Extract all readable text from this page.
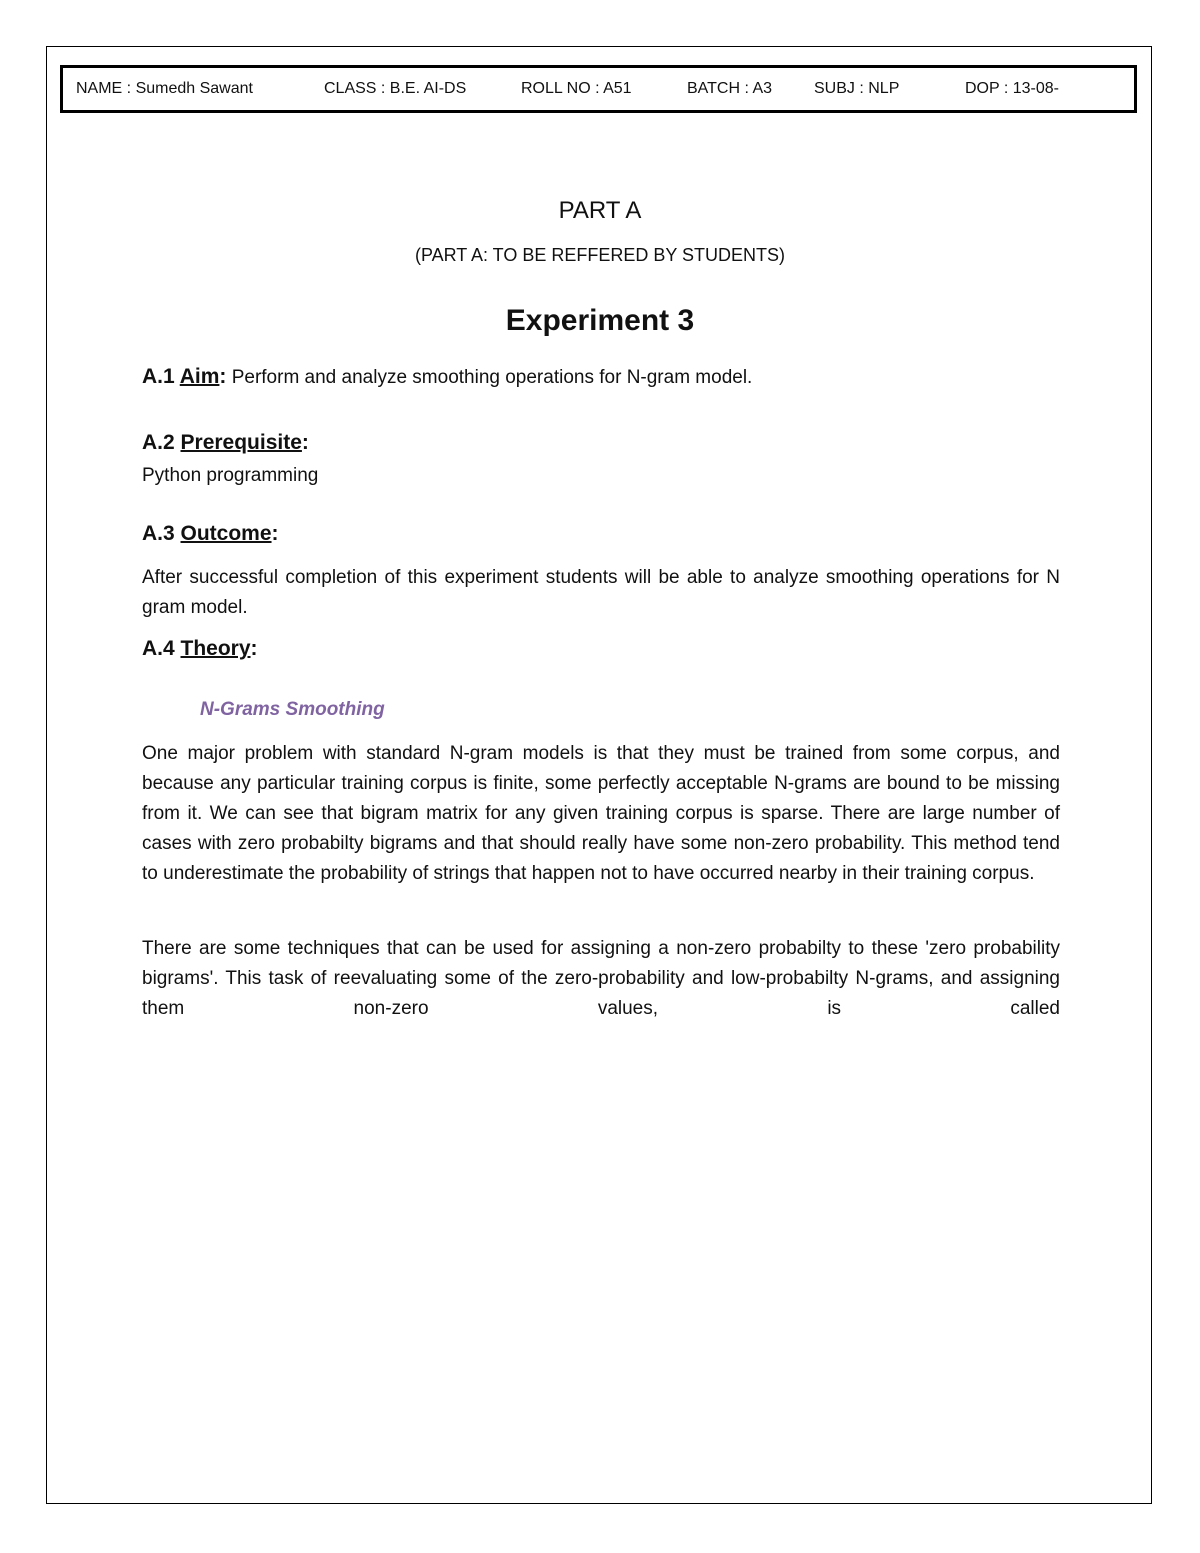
NAME : Sumedh Sawant	CLASS : B.E. AI-DS	ROLL NO : A51	BATCH : A3	SUBJ : NLP	DOP : 13-08-
PART A
(PART A: TO BE REFFERED BY STUDENTS)
Experiment 3
A.1 Aim: Perform and analyze smoothing operations for N-gram model.
A.2 Prerequisite:
Python programming
A.3 Outcome:
After successful completion of this experiment students will be able to analyze smoothing operations for N gram model.
A.4 Theory:
N-Grams Smoothing
One major problem with standard N-gram models is that they must be trained from some corpus, and because any particular training corpus is finite, some perfectly acceptable N-grams are bound to be missing from it. We can see that bigram matrix for any given training corpus is sparse. There are large number of cases with zero probabilty bigrams and that should really have some non-zero probability. This method tend to underestimate the probability of strings that happen not to have occurred nearby in their training corpus.
There are some techniques that can be used for assigning a non-zero probabilty to these 'zero probability bigrams'. This task of reevaluating some of the zero-probability and low-probabilty N-grams, and assigning them non-zero values, is called
